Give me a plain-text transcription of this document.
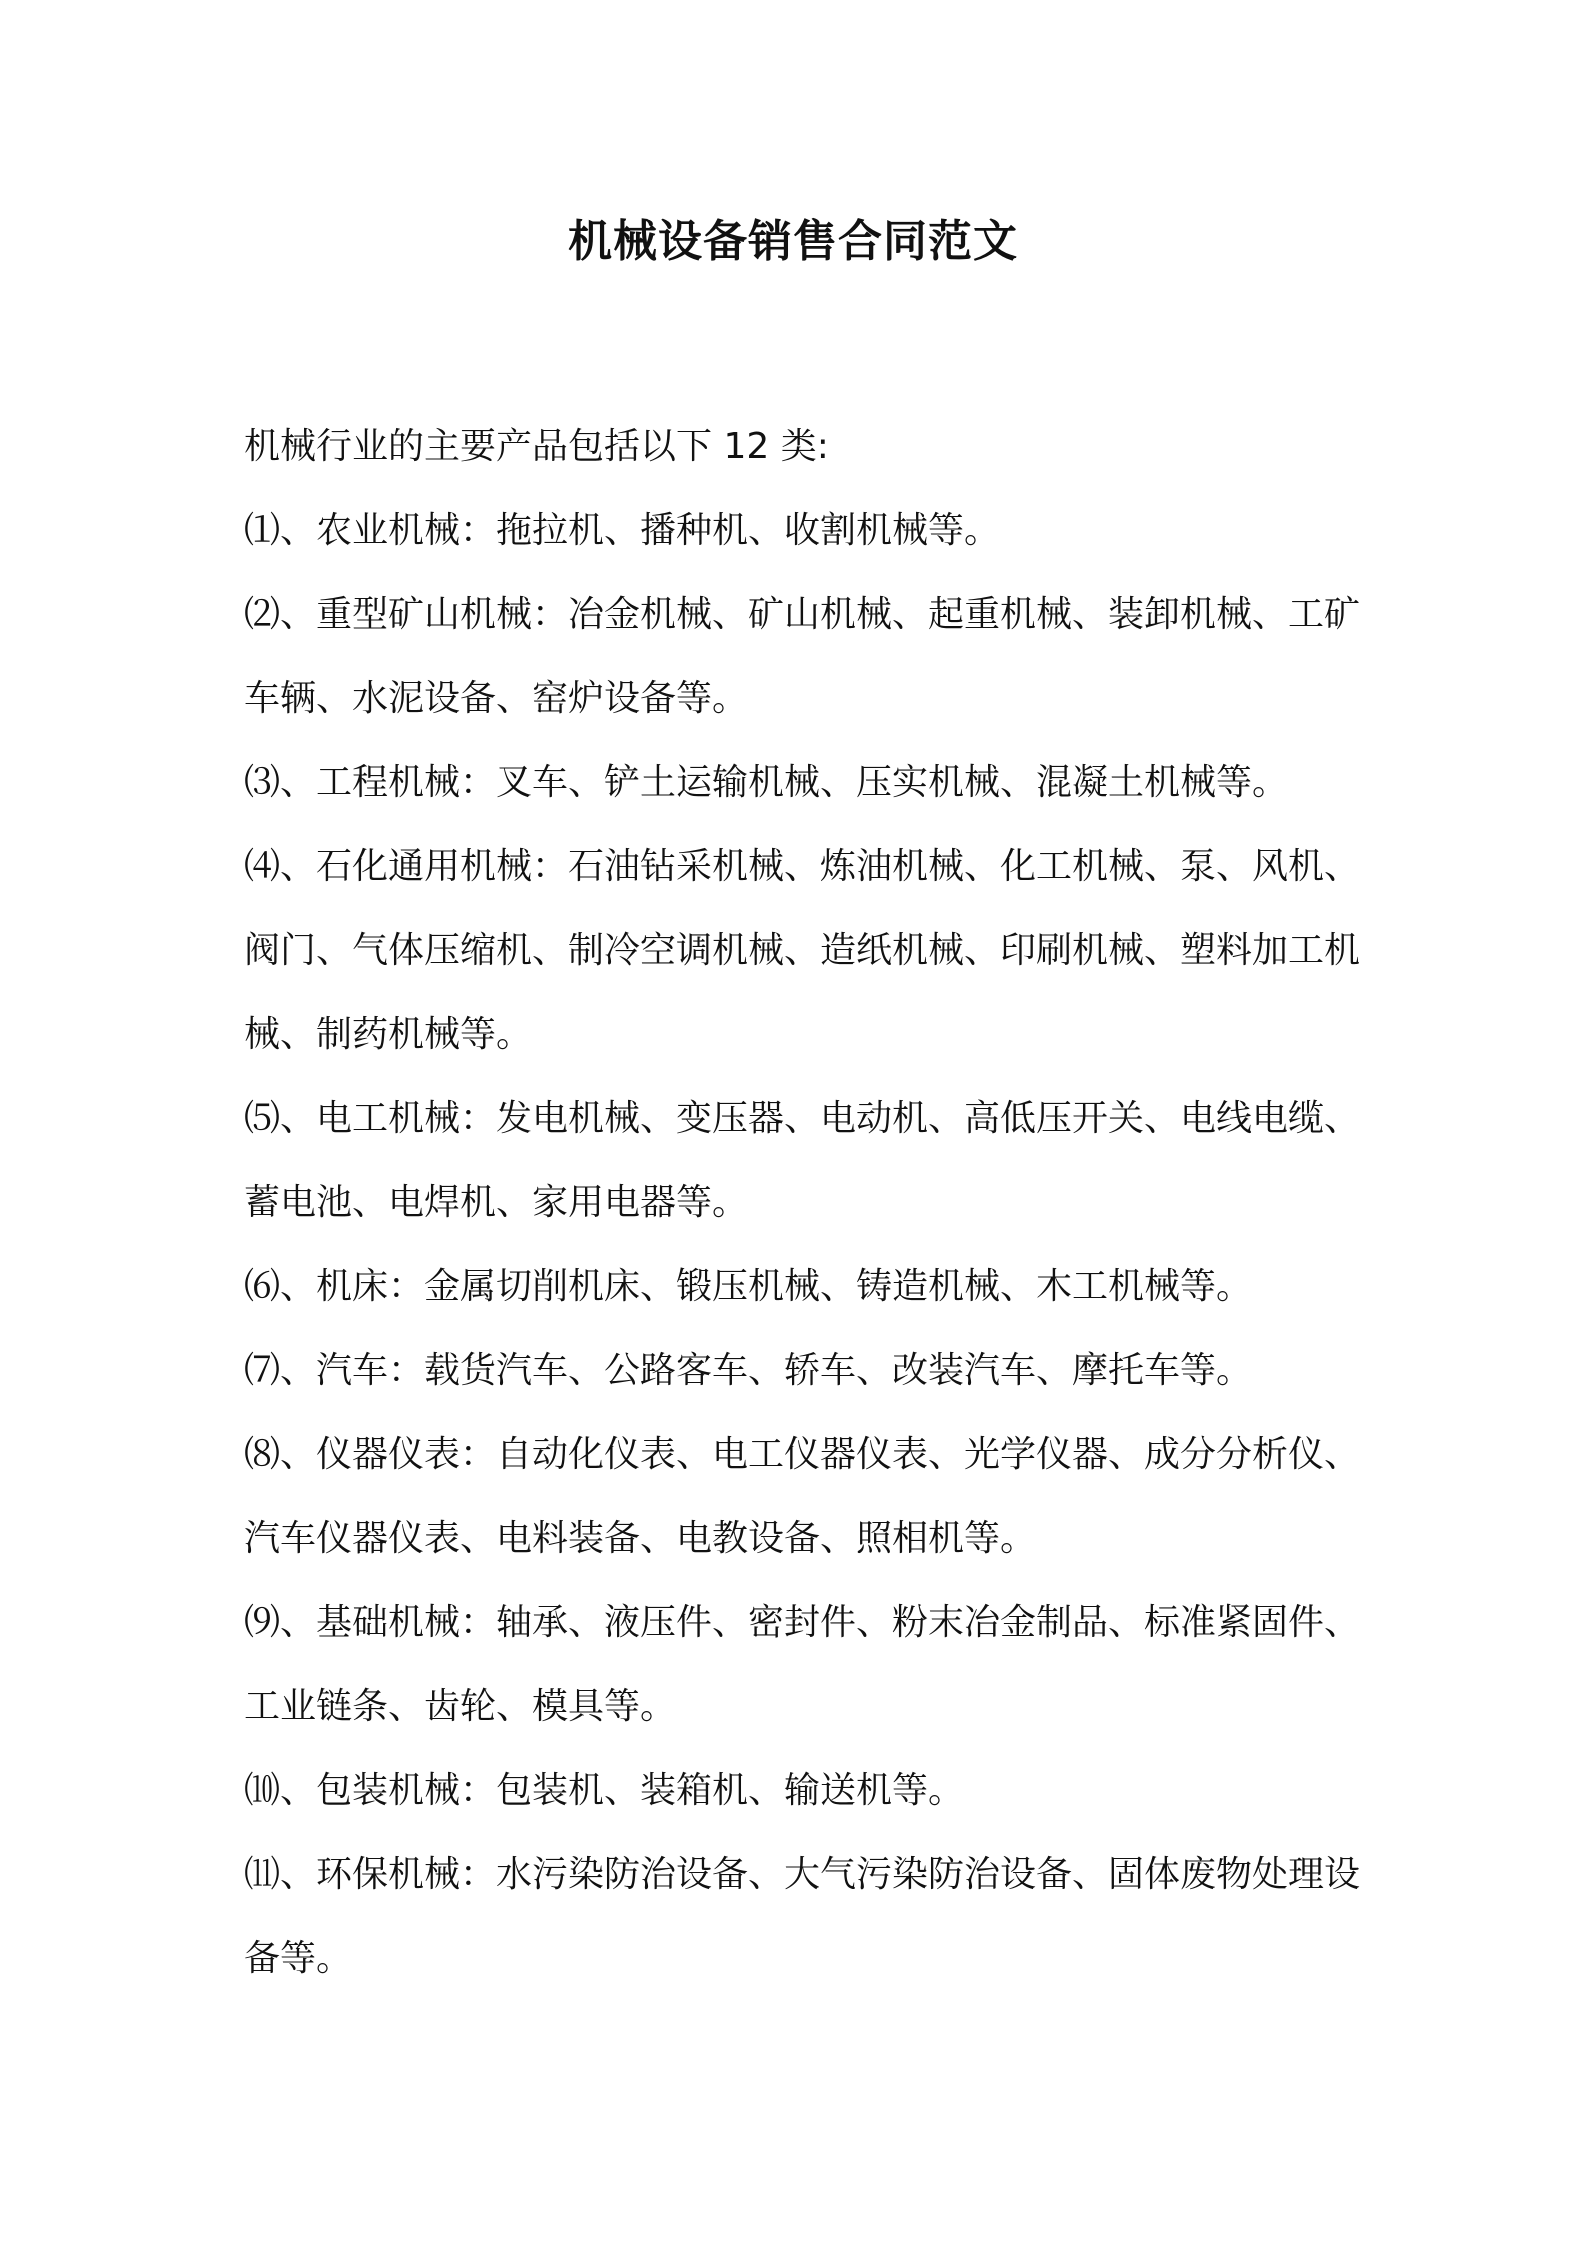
机械设备销售合同范文

机械行业的主要产品包括以下 12 类:

⑴、农业机械：拖拉机、播种机、收割机械等。

⑵、重型矿山机械：冶金机械、矿山机械、起重机械、装卸机械、工矿车辆、水泥设备、窑炉设备等。

⑶、工程机械：叉车、铲土运输机械、压实机械、混凝土机械等。

⑷、石化通用机械：石油钻采机械、炼油机械、化工机械、泵、风机、阀门、气体压缩机、制冷空调机械、造纸机械、印刷机械、塑料加工机械、制药机械等。

⑸、电工机械：发电机械、变压器、电动机、高低压开关、电线电缆、蓄电池、电焊机、家用电器等。

⑹、机床：金属切削机床、锻压机械、铸造机械、木工机械等。

⑺、汽车：载货汽车、公路客车、轿车、改装汽车、摩托车等。

⑻、仪器仪表：自动化仪表、电工仪器仪表、光学仪器、成分分析仪、汽车仪器仪表、电料装备、电教设备、照相机等。

⑼、基础机械：轴承、液压件、密封件、粉末冶金制品、标准紧固件、工业链条、齿轮、模具等。

⑽、包装机械：包装机、装箱机、输送机等。

⑾、环保机械：水污染防治设备、大气污染防治设备、固体废物处理设备等。
